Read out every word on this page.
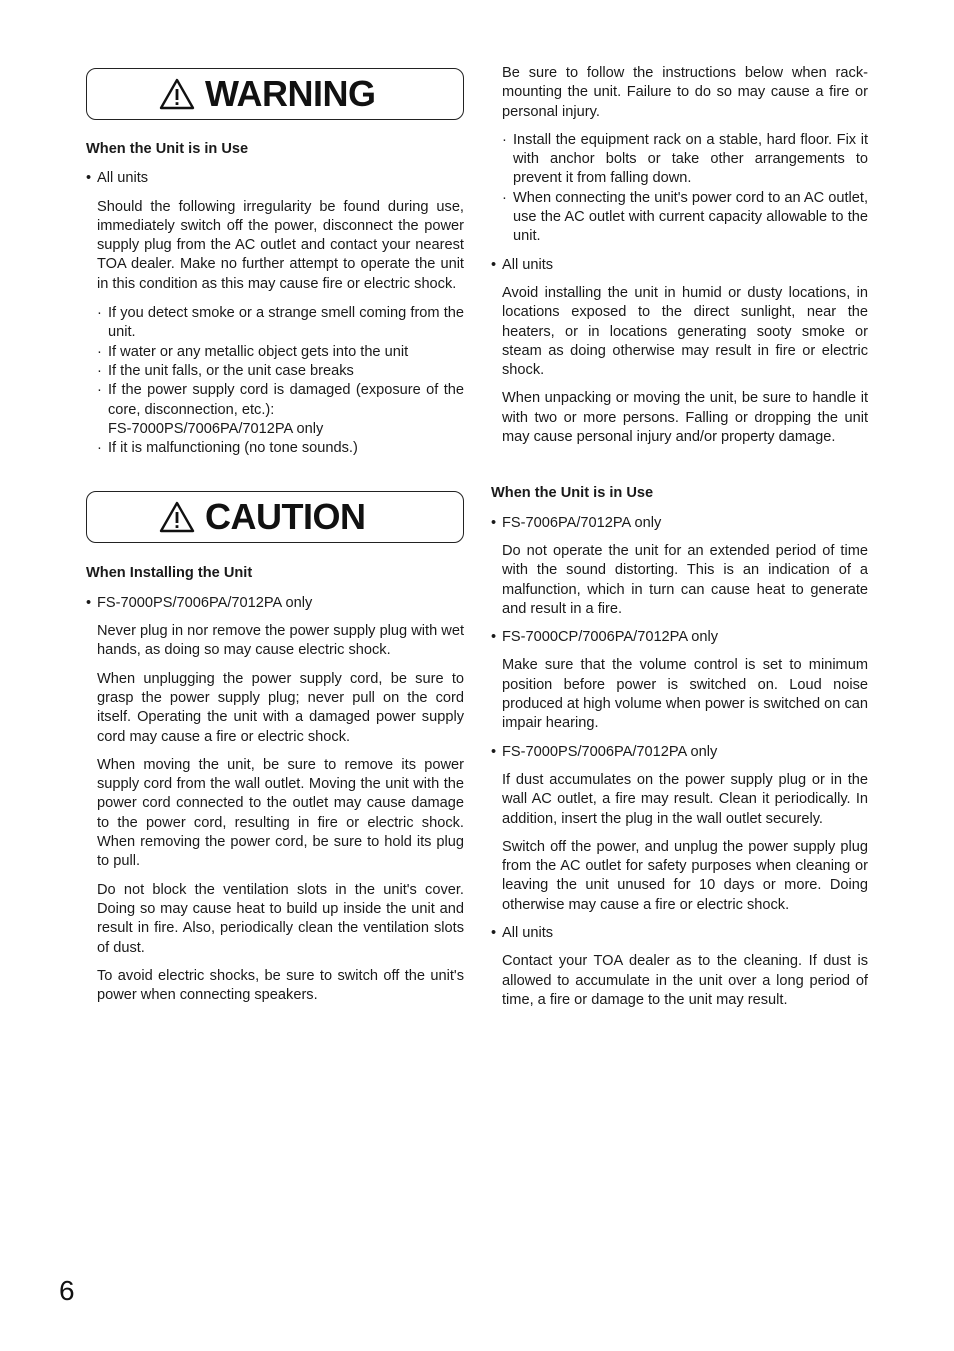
WARNING

When the Unit is in Use

• All units

Should the following irregularity be found during use, immediately switch off the power, disconnect the power supply plug from the AC outlet and contact your nearest TOA dealer. Make no further attempt to operate the unit in this condition as this may cause fire or electric shock.

· If you detect smoke or a strange smell coming from the unit.
· If water or any metallic object gets into the unit
· If the unit falls, or the unit case breaks
· If the power supply cord is damaged (exposure of the core, disconnection, etc.):
FS-7000PS/7006PA/7012PA only
· If it is malfunctioning (no tone sounds.)
CAUTION

When Installing the Unit

• FS-7000PS/7006PA/7012PA only

Never plug in nor remove the power supply plug with wet hands, as doing so may cause electric shock.

When unplugging the power supply cord, be sure to grasp the power supply plug; never pull on the cord itself. Operating the unit with a damaged power supply cord may cause a fire or electric shock.

When moving the unit, be sure to remove its power supply cord from the wall outlet. Moving the unit with the power cord connected to the outlet may cause damage to the power cord, resulting in fire or electric shock. When removing the power cord, be sure to hold its plug to pull.

Do not block the ventilation slots in the unit's cover. Doing so may cause heat to build up inside the unit and result in fire. Also, periodically clean the ventilation slots of dust.

To avoid electric shocks, be sure to switch off the unit's power when connecting speakers.

Be sure to follow the instructions below when rack-mounting the unit. Failure to do so may cause a fire or personal injury.

· Install the equipment rack on a stable, hard floor. Fix it with anchor bolts or take other arrangements to prevent it from falling down.
· When connecting the unit's power cord to an AC outlet, use the AC outlet with current capacity allowable to the unit.

• All units

Avoid installing the unit in humid or dusty locations, in locations exposed to the direct sunlight, near the heaters, or in locations generating sooty smoke or steam as doing otherwise may result in fire or electric shock.

When unpacking or moving the unit, be sure to handle it with two or more persons. Falling or dropping the unit may cause personal injury and/or property damage.

When the Unit is in Use

• FS-7006PA/7012PA only

Do not operate the unit for an extended period of time with the sound distorting. This is an indication of a malfunction, which in turn can cause heat to generate and result in a fire.

• FS-7000CP/7006PA/7012PA only

Make sure that the volume control is set to minimum position before power is switched on. Loud noise produced at high volume when power is switched on can impair hearing.

• FS-7000PS/7006PA/7012PA only

If dust accumulates on the power supply plug or in the wall AC outlet, a fire may result. Clean it periodically. In addition, insert the plug in the wall outlet securely.

Switch off the power, and unplug the power supply plug from the AC outlet for safety purposes when cleaning or leaving the unit unused for 10 days or more. Doing otherwise may cause a fire or electric shock.

• All units

Contact your TOA dealer as to the cleaning. If dust is allowed to accumulate in the unit over a long period of time, a fire or damage to the unit may result.

6
